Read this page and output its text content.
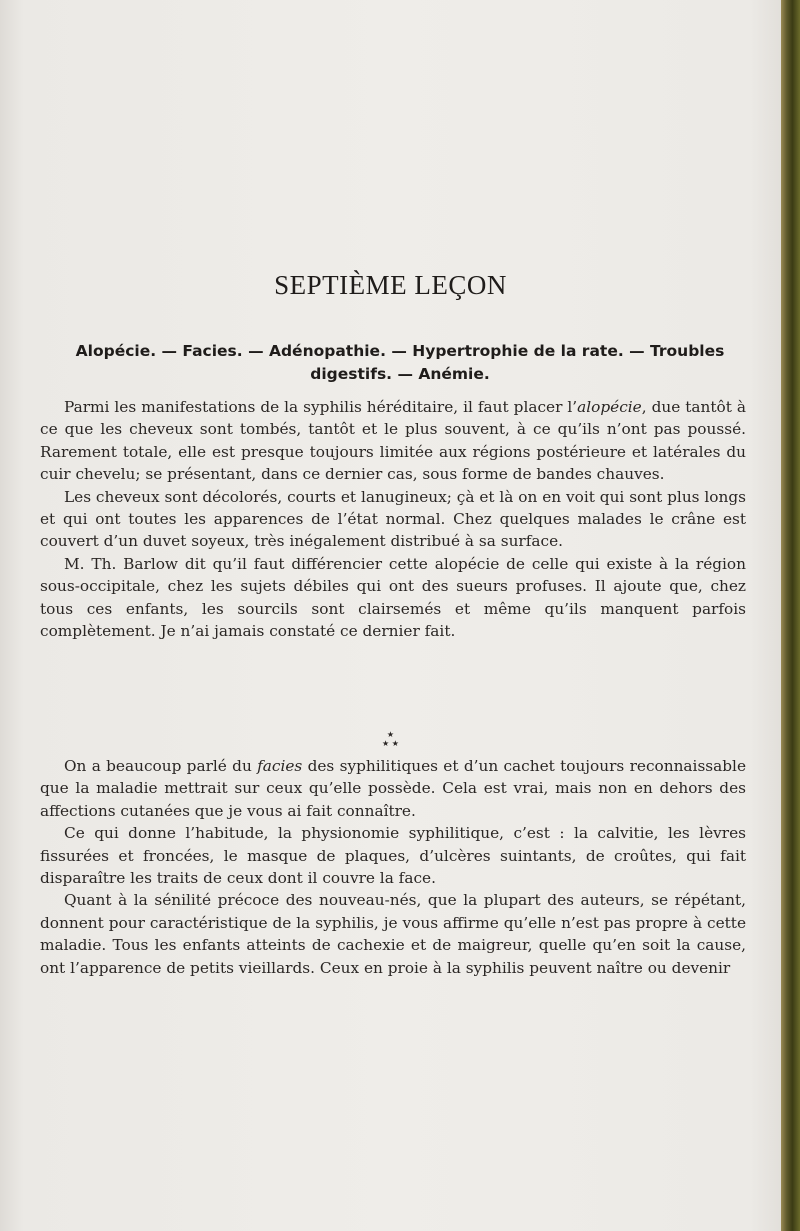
SEPTIÈME LEÇON
Alopécie. — Facies. — Adénopathie. — Hypertrophie de la rate. — Troubles digestifs. — Anémie.

Parmi les manifestations de la syphilis héréditaire, il faut placer l’alopécie, due tantôt à ce que les cheveux sont tombés, tantôt et le plus souvent, à ce qu’ils n’ont pas poussé. Rarement totale, elle est presque toujours limitée aux régions postérieure et latérales du cuir chevelu; se présentant, dans ce dernier cas, sous forme de bandes chauves.

Les cheveux sont décolorés, courts et lanugineux; çà et là on en voit qui sont plus longs et qui ont toutes les apparences de l’état normal. Chez quelques malades le crâne est couvert d’un duvet soyeux, très inégalement distribué à sa surface.

M. Th. Barlow dit qu’il faut différencier cette alopécie de celle qui existe à la région sous-occipitale, chez les sujets débiles qui ont des sueurs profuses. Il ajoute que, chez tous ces enfants, les sourcils sont clairsemés et même qu’ils manquent parfois complètement. Je n’ai jamais constaté ce dernier fait.

★
★ ★

On a beaucoup parlé du facies des syphilitiques et d’un cachet toujours reconnaissable que la maladie mettrait sur ceux qu’elle possède. Cela est vrai, mais non en dehors des affections cutanées que je vous ai fait connaître.

Ce qui donne l’habitude, la physionomie syphilitique, c’est : la calvitie, les lèvres fissurées et froncées, le masque de plaques, d’ulcères suintants, de croûtes, qui fait disparaître les traits de ceux dont il couvre la face.

Quant à la sénilité précoce des nouveau-nés, que la plupart des auteurs, se répétant, donnent pour caractéristique de la syphilis, je vous affirme qu’elle n’est pas propre à cette maladie. Tous les enfants atteints de cachexie et de maigreur, quelle qu’en soit la cause, ont l’apparence de petits vieillards. Ceux en proie à la syphilis peuvent naître ou devenir
